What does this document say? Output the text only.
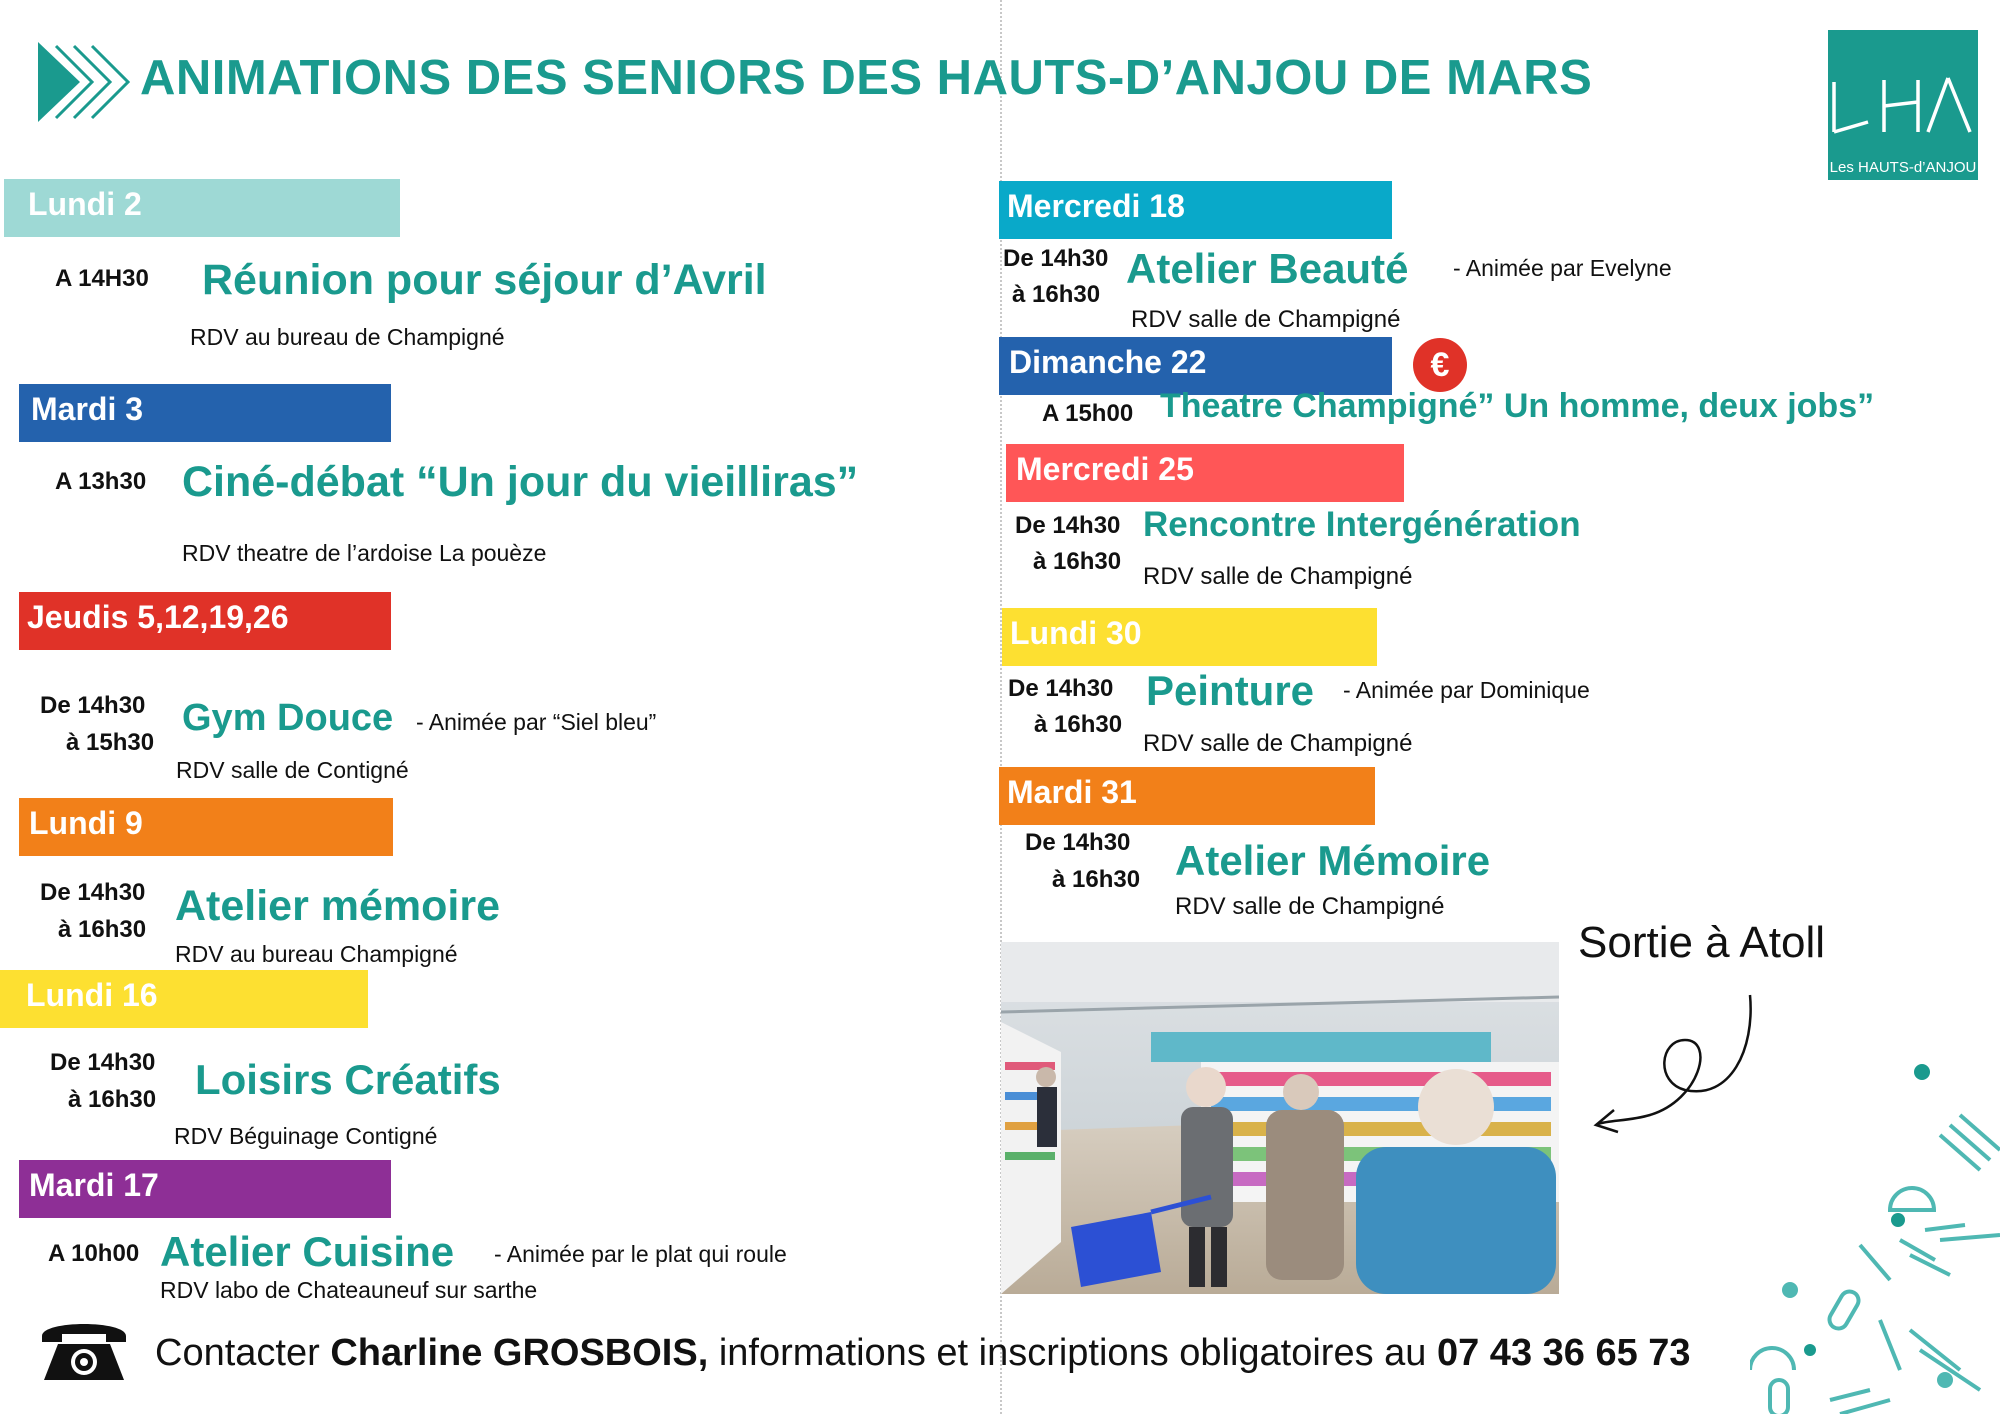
ANIMATIONS DES SENIORS DES HAUTS-D’ANJOU DE MARS
Les HAUTS-d’ANJOU
Lundi 2
A 14H30 Réunion pour séjour d’Avril
RDV au bureau de Champigné
Mardi 3
A 13h30 Ciné-débat “Un jour du vieilliras”
RDV theatre de l’ardoise La pouèze
Jeudis 5,12,19,26
De 14h30
à 15h30
Gym Douce - Animée par “Siel bleu”
RDV salle de Contigné
Lundi 9
De 14h30
à 16h30 Atelier mémoire
RDV au bureau Champigné
Lundi 16
De 14h30
à 16h30 Loisirs Créatifs
RDV Béguinage Contigné
Mardi 17
A 10h00 Atelier Cuisine - Animée par le plat qui roule
RDV labo de Chateauneuf sur sarthe
Mercredi 18
De 14h30
à 16h30
Atelier Beauté - Animée par Evelyne
RDV salle de Champigné
Dimanche 22	€
A 15h00 Theatre Champigné” Un homme, deux jobs”
Mercredi 25
De 14h30
à 16h30
Rencontre Intergénération
RDV salle de Champigné
Lundi 30
De 14h30
à 16h30
Peinture - Animée par Dominique
RDV salle de Champigné
Mardi 31
De 14h30
à 16h30 Atelier Mémoire
RDV salle de Champigné
Sortie à Atoll
Contacter Charline GROSBOIS, informations et inscriptions obligatoires au 07 43 36 65 73
